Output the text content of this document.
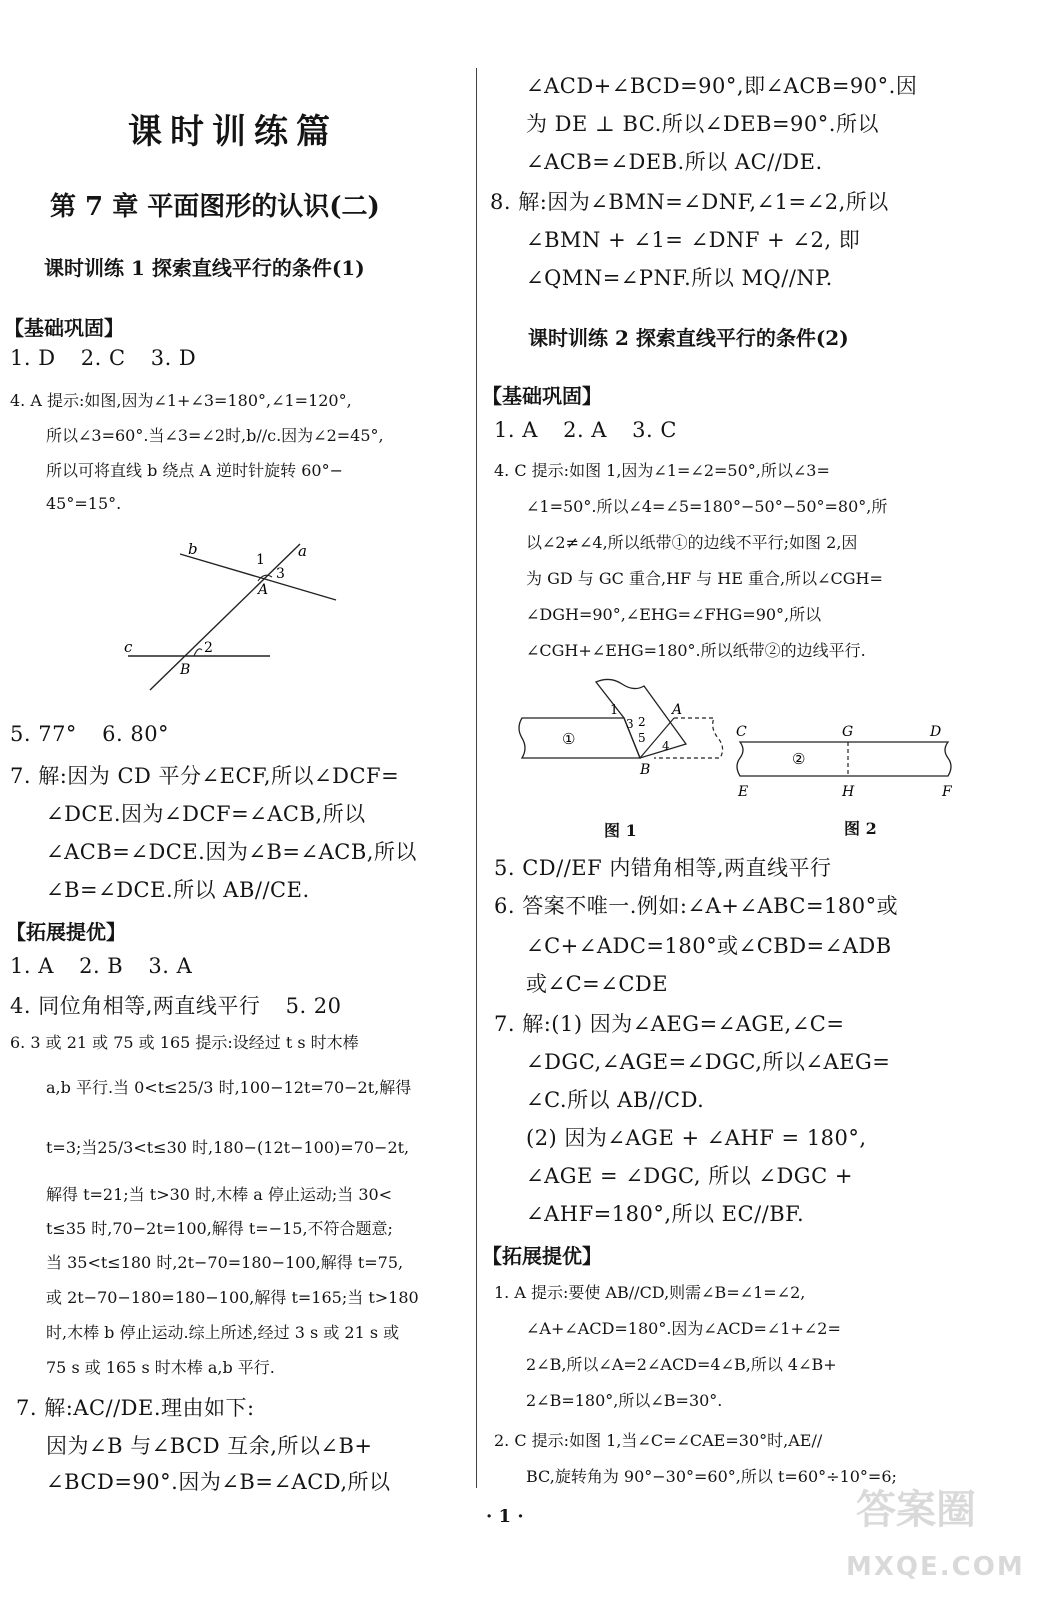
课时训练篇
第 7 章 平面图形的认识(二)
课时训练 1 探索直线平行的条件(1)
【基础巩固】
1. D 2. C 3. D
4. A 提示:如图,因为∠1+∠3=180°,∠1=120°,
所以∠3=60°.当∠3=∠2时,b//c.因为∠2=45°,
所以可将直线 b 绕点 A 逆时针旋转 60°−
45°=15°.
b	a
1
3
A
c	2
B
5. 77° 6. 80°
7. 解:因为 CD 平分∠ECF,所以∠DCF=
∠DCE.因为∠DCF=∠ACB,所以
∠ACB=∠DCE.因为∠B=∠ACB,所以
∠B=∠DCE.所以 AB//CE.
【拓展提优】
1. A 2. B 3. A
4. 同位角相等,两直线平行 5. 20
6. 3 或 21 或 75 或 165 提示:设经过 t s 时木棒
a,b 平行.当 0<t≤25/3 时,100−12t=70−2t,解得
t=3;当25/3<t≤30 时,180−(12t−100)=70−2t,
解得 t=21;当 t>30 时,木棒 a 停止运动;当 30<
t≤35 时,70−2t=100,解得 t=−15,不符合题意;
当 35<t≤180 时,2t−70=180−100,解得 t=75,
或 2t−70−180=180−100,解得 t=165;当 t>180
时,木棒 b 停止运动.综上所述,经过 3 s 或 21 s 或
75 s 或 165 s 时木棒 a,b 平行.
7. 解:AC//DE.理由如下:
因为∠B 与∠BCD 互余,所以∠B+
∠BCD=90°.因为∠B=∠ACD,所以
∠ACD+∠BCD=90°,即∠ACB=90°.因
为 DE ⊥ BC.所以∠DEB=90°.所以
∠ACB=∠DEB.所以 AC//DE.
8. 解:因为∠BMN=∠DNF,∠1=∠2,所以
∠BMN + ∠1= ∠DNF + ∠2, 即
∠QMN=∠PNF.所以 MQ//NP.
课时训练 2 探索直线平行的条件(2)
【基础巩固】
1. A 2. A 3. C
4. C 提示:如图 1,因为∠1=∠2=50°,所以∠3=
∠1=50°.所以∠4=∠5=180°−50°−50°=80°,所
以∠2≠∠4,所以纸带①的边线不平行;如图 2,因
为 GD 与 GC 重合,HF 与 HE 重合,所以∠CGH=
∠DGH=90°,∠EHG=∠FHG=90°,所以
∠CGH+∠EHG=180°.所以纸带②的边线平行.
①
1
3 2
5
4
A
B
②
C	G	D
E	H	F
图 1	图 2
5. CD//EF 内错角相等,两直线平行
6. 答案不唯一.例如:∠A+∠ABC=180°或
∠C+∠ADC=180°或∠CBD=∠ADB
或∠C=∠CDE
7. 解:(1) 因为∠AEG=∠AGE,∠C=
∠DGC,∠AGE=∠DGC,所以∠AEG=
∠C.所以 AB//CD.
(2) 因为∠AGE + ∠AHF = 180°,
∠AGE = ∠DGC, 所以 ∠DGC +
∠AHF=180°,所以 EC//BF.
【拓展提优】
1. A 提示:要使 AB//CD,则需∠B=∠1=∠2,
∠A+∠ACD=180°.因为∠ACD=∠1+∠2=
2∠B,所以∠A=2∠ACD=4∠B,所以 4∠B+
2∠B=180°,所以∠B=30°.
2. C 提示:如图 1,当∠C=∠CAE=30°时,AE//
BC,旋转角为 90°−30°=60°,所以 t=60°÷10°=6;
· 1 ·	答案圈
MXQE.COM
